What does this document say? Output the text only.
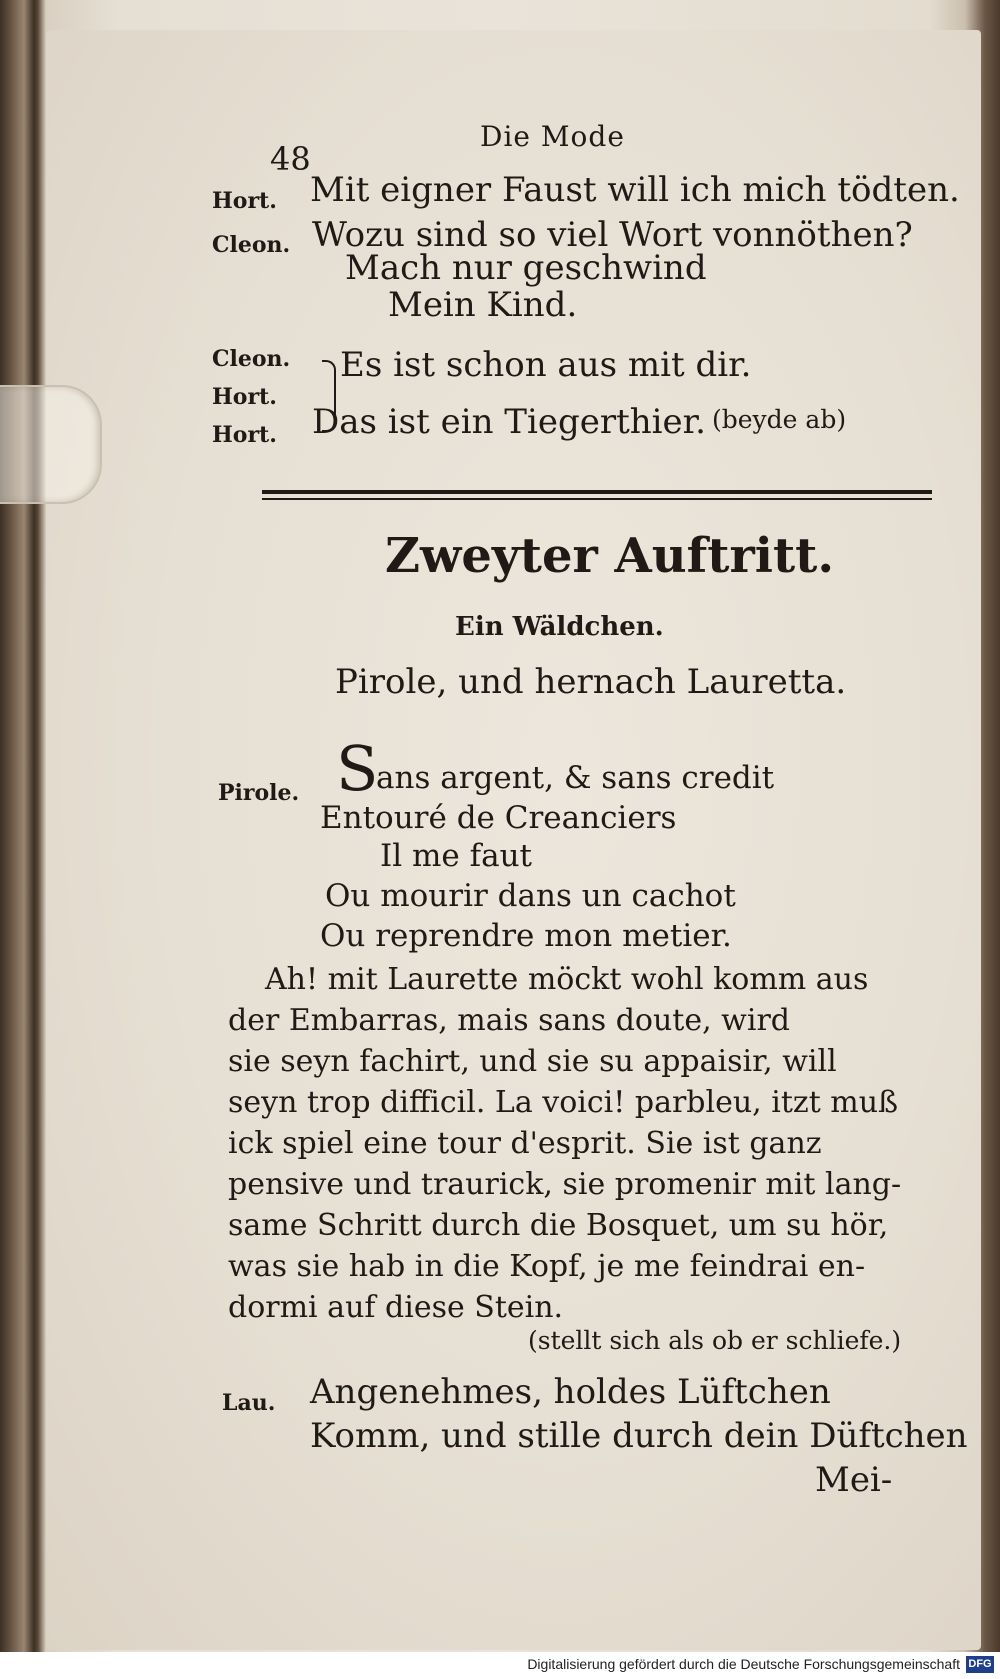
48
Die Mode
Hort. Mit eigner Faust will ich mich tödten.
Cleon. Wozu sind so viel Wort vonnöthen?
Mach nur geschwind
Mein Kind.
Cleon.
Hort.
Es ist schon aus mit dir.
Hort. Das ist ein Tiegerthier. (beyde ab)
Zweyter Auftritt.
Ein Wäldchen.
Pirole, und hernach Lauretta.
Pirole. S
ans argent, & sans credit
Entouré de Creanciers
Il me faut
Ou mourir dans un cachot
Ou reprendre mon metier.
Ah! mit Laurette möckt wohl komm aus
der Embarras, mais sans doute, wird
sie seyn fachirt, und sie su appaisir, will
seyn trop difficil. La voici! parbleu, itzt muß
ick spiel eine tour d'esprit. Sie ist ganz
pensive und traurick, sie promenir mit lang-
same Schritt durch die Bosquet, um su hör,
was sie hab in die Kopf, je me feindrai en-
dormi auf diese Stein.
(stellt sich als ob er schliefe.)
Lau. Angenehmes, holdes Lüftchen
Komm, und stille durch dein Düftchen
Mei-
Digitalisierung gefördert durch die Deutsche Forschungsgemeinschaft DFG
